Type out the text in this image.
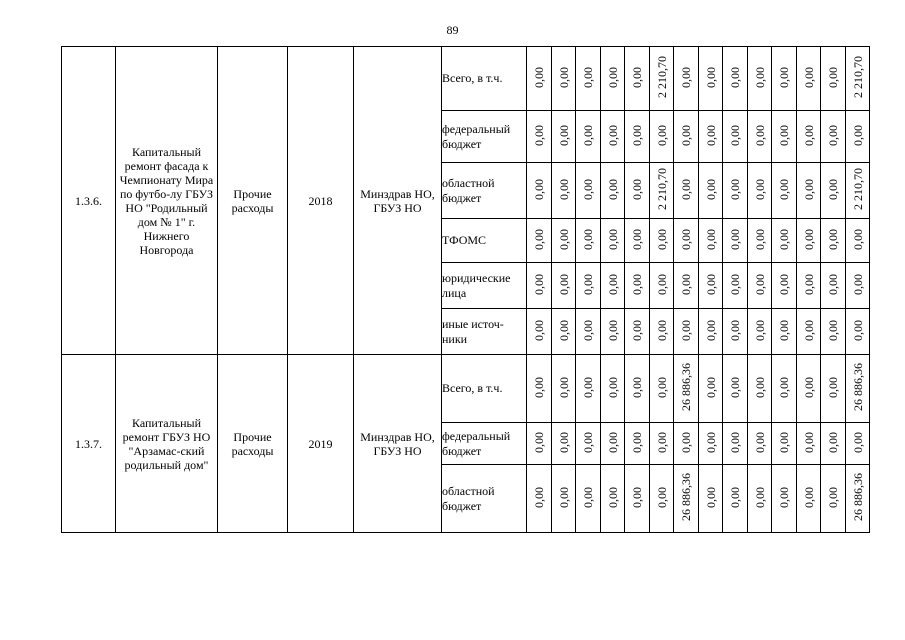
89
1.3.6.	Капитальный ремонт фасада к Чемпионату Мира по футбо-лу ГБУЗ НО "Родильный дом № 1" г. Нижнего Новгорода	Прочие расходы	2018	Минздрав НО, ГБУЗ НО	Всего, в т.ч.	0,00	0,00	0,00	0,00	0,00	2 210,70	0,00	0,00	0,00	0,00	0,00	0,00	0,00	2 210,70
					федеральный бюджет	0,00	0,00	0,00	0,00	0,00	0,00	0,00	0,00	0,00	0,00	0,00	0,00	0,00	0,00
					областной бюджет	0,00	0,00	0,00	0,00	0,00	2 210,70	0,00	0,00	0,00	0,00	0,00	0,00	0,00	2 210,70
					ТФОМС	0,00	0,00	0,00	0,00	0,00	0,00	0,00	0,00	0,00	0,00	0,00	0,00	0,00	0,00
					юридические лица	0,00	0,00	0,00	0,00	0,00	0,00	0,00	0,00	0,00	0,00	0,00	0,00	0,00	0,00
					иные источ-ники	0,00	0,00	0,00	0,00	0,00	0,00	0,00	0,00	0,00	0,00	0,00	0,00	0,00	0,00
1.3.7.	Капитальный ремонт ГБУЗ НО "Арзамас-ский родильный дом"	Прочие расходы	2019	Минздрав НО, ГБУЗ НО	Всего, в т.ч.	0,00	0,00	0,00	0,00	0,00	0,00	26 886,36	0,00	0,00	0,00	0,00	0,00	0,00	26 886,36
					федеральный бюджет	0,00	0,00	0,00	0,00	0,00	0,00	0,00	0,00	0,00	0,00	0,00	0,00	0,00	0,00
					областной бюджет	0,00	0,00	0,00	0,00	0,00	0,00	26 886,36	0,00	0,00	0,00	0,00	0,00	0,00	26 886,36
